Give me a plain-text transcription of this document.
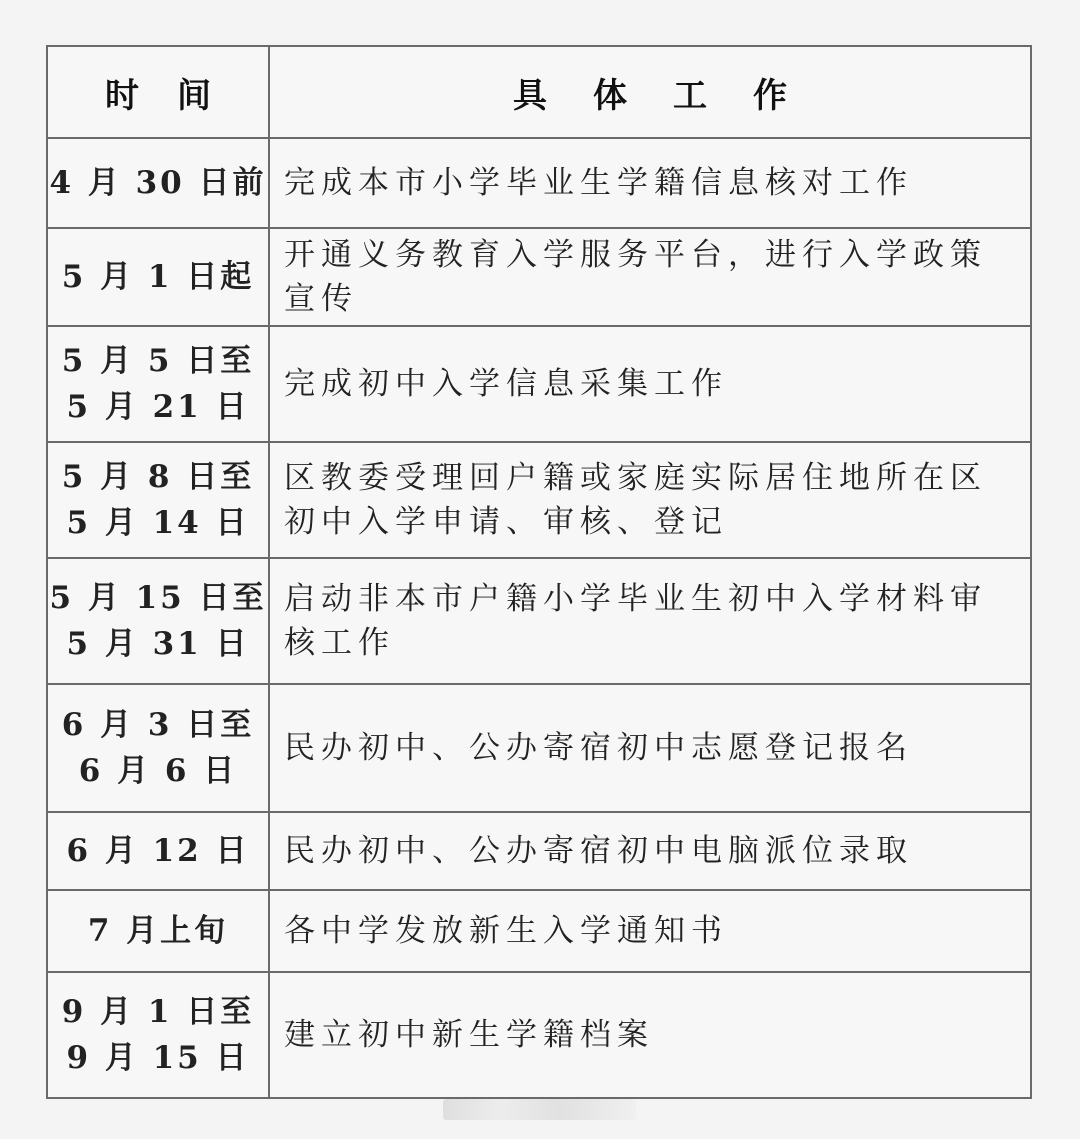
时间	具体工作
4 月 30 日前	完成本市小学毕业生学籍信息核对工作
5 月 1 日起	开通义务教育入学服务平台，进行入学政策宣传
5 月 5 日至
5 月 21 日	完成初中入学信息采集工作
5 月 8 日至
5 月 14 日	区教委受理回户籍或家庭实际居住地所在区初中入学申请、审核、登记
5 月 15 日至
5 月 31 日	启动非本市户籍小学毕业生初中入学材料审核工作
6 月 3 日至
6 月 6 日	民办初中、公办寄宿初中志愿登记报名
6 月 12 日	民办初中、公办寄宿初中电脑派位录取
7 月上旬	各中学发放新生入学通知书
9 月 1 日至
9 月 15 日	建立初中新生学籍档案
